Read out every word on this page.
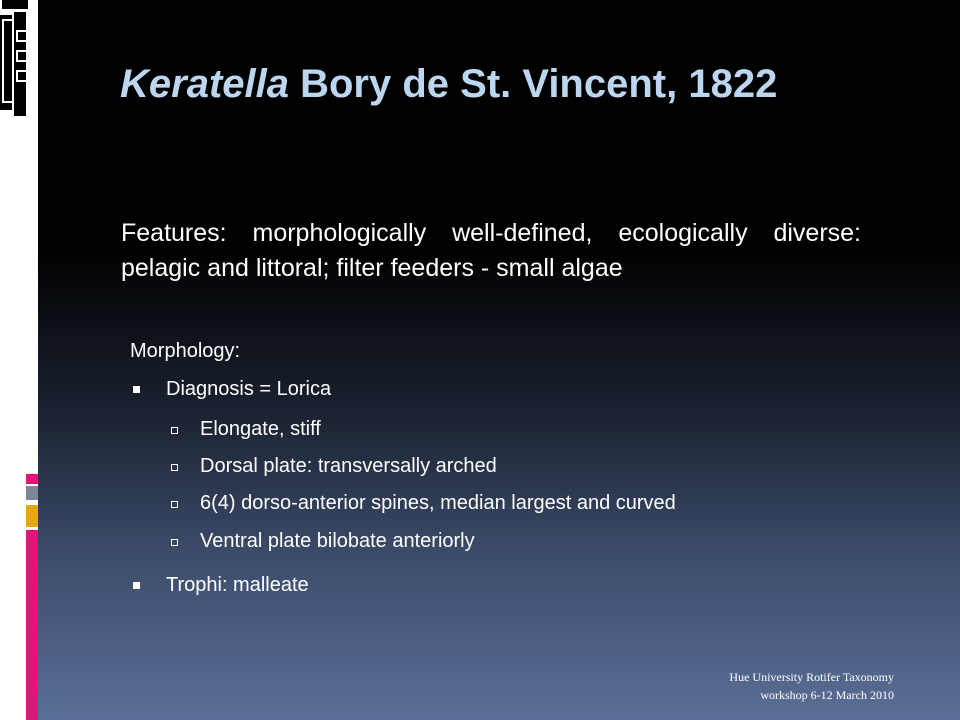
Keratella Bory de St. Vincent, 1822
Features: morphologically well-defined, ecologically diverse: pelagic and littoral; filter feeders - small algae
Morphology:
Diagnosis = Lorica
Elongate, stiff
Dorsal plate: transversally arched
6(4) dorso-anterior spines, median largest and curved
Ventral plate bilobate anteriorly
Trophi: malleate
Hue University Rotifer Taxonomy
workshop 6-12 March 2010
